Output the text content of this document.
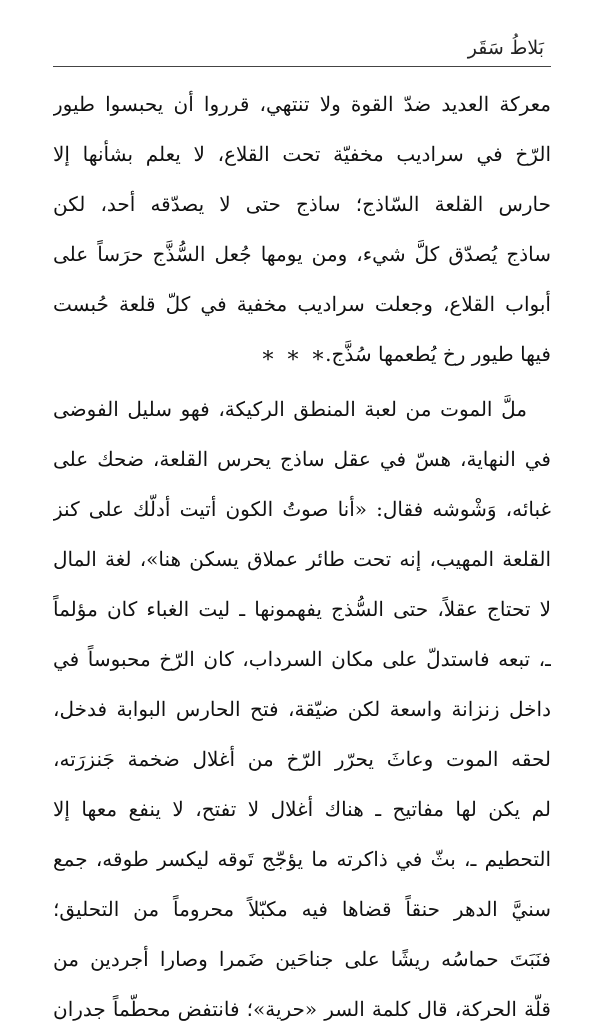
بَلاطُ سَقَر
معركة العديد ضدّ القوة ولا تنتهي، قرروا أن يحبسوا طيور
الرّخ في سراديب مخفيّة تحت القلاع، لا يعلم بشأنها إلا
حارس القلعة السّاذج؛ ساذج حتى لا يصدّقه أحد، لكن
ساذج يُصدّق كلَّ شيء، ومن يومها جُعل السُّذَّج حرَساً على
أبواب القلاع، وجعلت سراديب مخفية في كلّ قلعة حُبست
فيها طيور رخ يُطعمها سُذَّج.
***
ملَّ الموت من لعبة المنطق الركيكة، فهو سليل الفوضى
في النهاية، هسّ في عقل ساذج يحرس القلعة، ضحك على
غبائه، وَشْوشه فقال: «أنا صوتُ الكون أتيت أدلّك على كنز
القلعة المهيب، إنه تحت طائر عملاق يسكن هنا»، لغة المال
لا تحتاج عقلاً، حتى السُّذج يفهمونها ـ ليت الغباء كان مؤلماً
ـ، تبعه فاستدلّ على مكان السرداب، كان الرّخ محبوساً في
داخل زنزانة واسعة لكن ضيّقة، فتح الحارس البوابة فدخل،
لحقه الموت وعاثَ يحرّر الرّخ من أغلال ضخمة جَنزرَته،
لم يكن لها مفاتيح ـ هناك أغلال لا تفتح، لا ينفع معها إلا
التحطيم ـ، بثّ في ذاكرته ما يؤجّج تَوقه ليكسر طوقه، جمع
سنيَّ الدهر حنقاً قضاها فيه مكبّلاً محروماً من التحليق؛
فنَبَتَ حماسُه ريشًا على جناحَين ضَمرا وصارا أجردين من
قلّة الحركة، قال كلمة السر «حرية»؛ فانتفض محطّماً جدران
